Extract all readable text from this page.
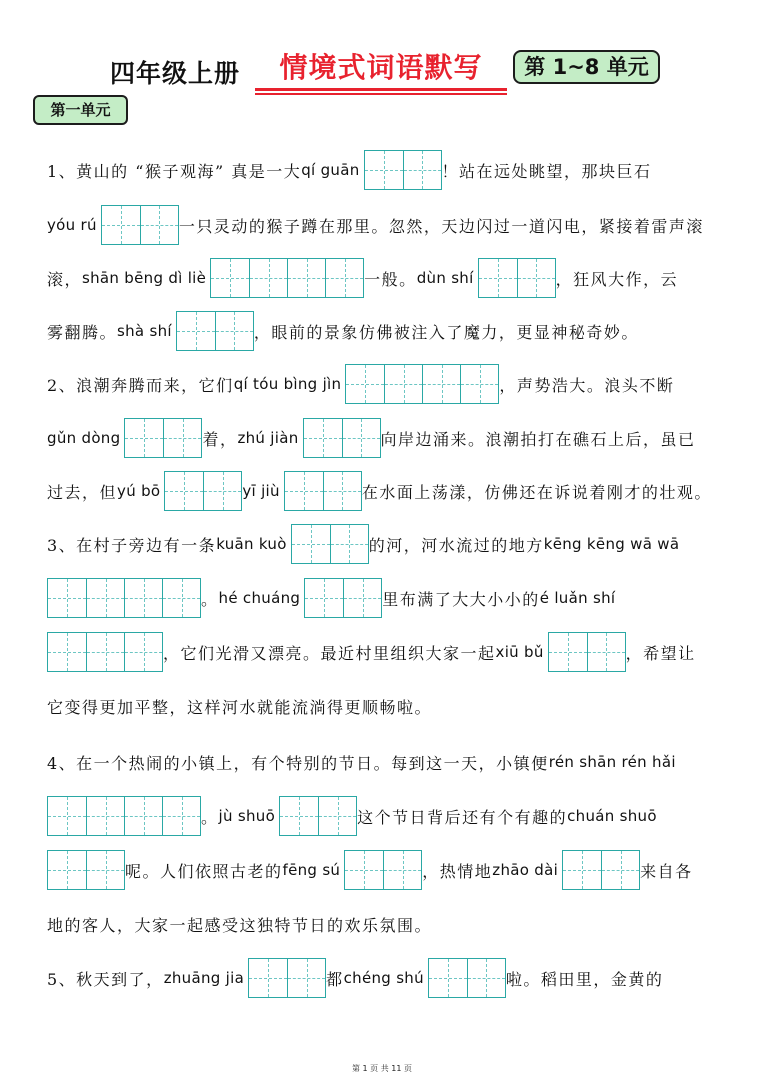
四年级上册	情境式词语默写	第 1~8 单元
第一单元
1、黄山的 “猴子观海” 真是一大 qí guān	！站在远处眺望，那块巨石
yóu rú	一只灵动的猴子蹲在那里。忽然，天边闪过一道闪电，紧接着雷声滚
滚， shān bēng dì liè	一般。 dùn shí	，狂风大作，云
雾翻腾。 shà shí	，眼前的景象仿佛被注入了魔力，更显神秘奇妙。
2、浪潮奔腾而来，它们 qí tóu bìng jìn	，声势浩大。浪头不断
gǔn dòng	着， zhú jiàn	向岸边涌来。浪潮拍打在礁石上后，虽已
过去，但 yú bō	yī jiù	在水面上荡漾，仿佛还在诉说着刚才的壮观。
3、在村子旁边有一条 kuān kuò	的河，河水流过的地方 kēng kēng wā wā
。 hé chuáng	里布满了大大小小的 é luǎn shí
，它们光滑又漂亮。最近村里组织大家一起 xiū bǔ	，希望让
它变得更加平整，这样河水就能流淌得更顺畅啦。
4、在一个热闹的小镇上，有个特别的节日。每到这一天，小镇便 rén shān rén hǎi
。 jù shuō	这个节日背后还有个有趣的 chuán shuō
呢。人们依照古老的 fēng sú	，热情地 zhāo dài	来自各
地的客人，大家一起感受这独特节日的欢乐氛围。
5、秋天到了， zhuāng jia	都 chéng shú	啦。稻田里，金黄的
第 1 页 共 11 页
